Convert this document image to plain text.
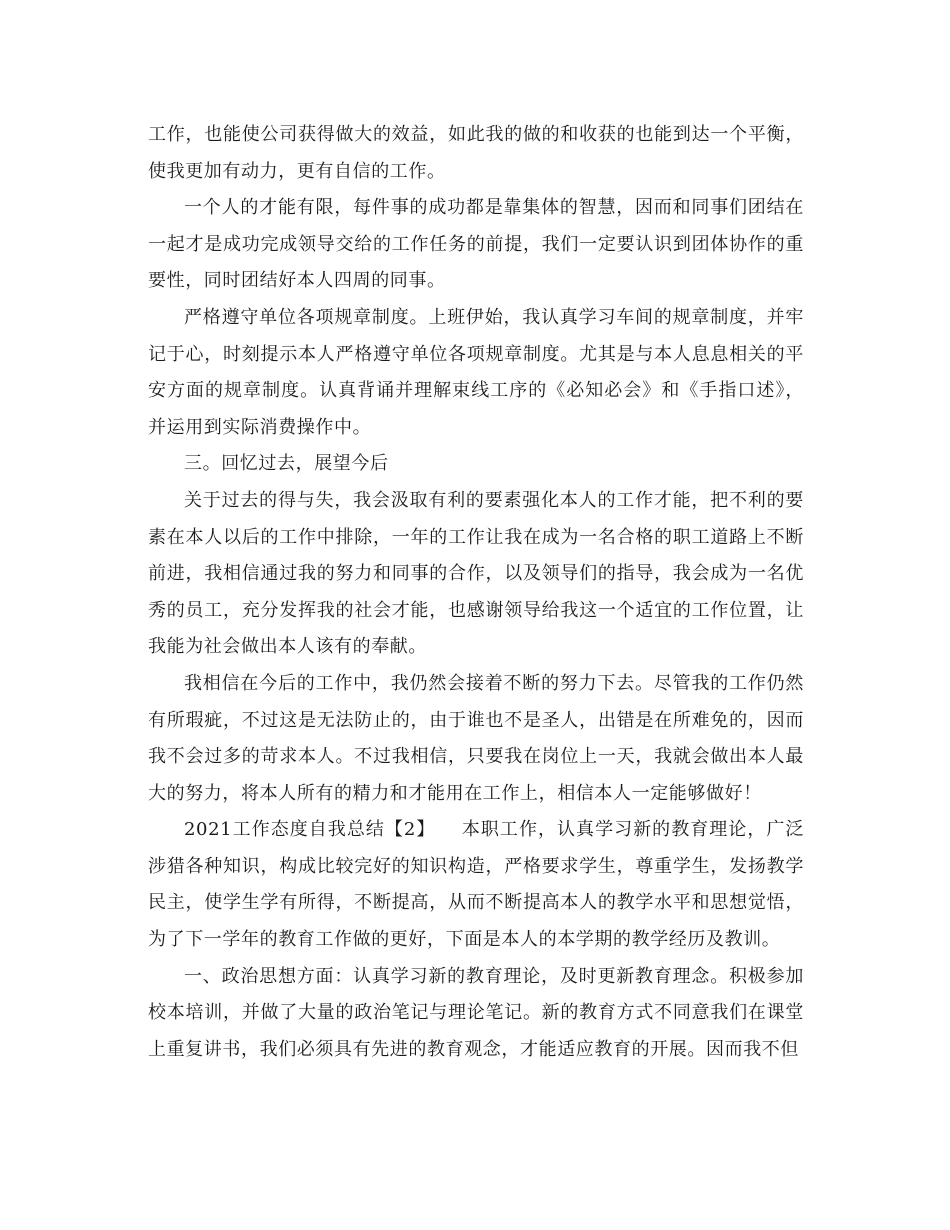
工作，也能使公司获得做大的效益，如此我的做的和收获的也能到达一个平衡，使我更加有动力，更有自信的工作。

一个人的才能有限，每件事的成功都是靠集体的智慧，因而和同事们团结在一起才是成功完成领导交给的工作任务的前提，我们一定要认识到团体协作的重要性，同时团结好本人四周的同事。

严格遵守单位各项规章制度。上班伊始，我认真学习车间的规章制度，并牢记于心，时刻提示本人严格遵守单位各项规章制度。尤其是与本人息息相关的平安方面的规章制度。认真背诵并理解束线工序的《必知必会》和《手指口述》，并运用到实际消费操作中。

三。回忆过去，展望今后

关于过去的得与失，我会汲取有利的要素强化本人的工作才能，把不利的要素在本人以后的工作中排除，一年的工作让我在成为一名合格的职工道路上不断前进，我相信通过我的努力和同事的合作，以及领导们的指导，我会成为一名优秀的员工，充分发挥我的社会才能，也感谢领导给我这一个适宜的工作位置，让我能为社会做出本人该有的奉献。

我相信在今后的工作中，我仍然会接着不断的努力下去。尽管我的工作仍然有所瑕疵，不过这是无法防止的，由于谁也不是圣人，出错是在所难免的，因而我不会过多的苛求本人。不过我相信，只要我在岗位上一天，我就会做出本人最大的努力，将本人所有的精力和才能用在工作上，相信本人一定能够做好！

2021工作态度自我总结【2】 本职工作，认真学习新的教育理论，广泛涉猎各种知识，构成比较完好的知识构造，严格要求学生，尊重学生，发扬教学民主，使学生学有所得，不断提高，从而不断提高本人的教学水平和思想觉悟，为了下一学年的教育工作做的更好，下面是本人的本学期的教学经历及教训。

一、政治思想方面：认真学习新的教育理论，及时更新教育理念。积极参加校本培训，并做了大量的政治笔记与理论笔记。新的教育方式不同意我们在课堂上重复讲书，我们必须具有先进的教育观念，才能适应教育的开展。因而我不但
